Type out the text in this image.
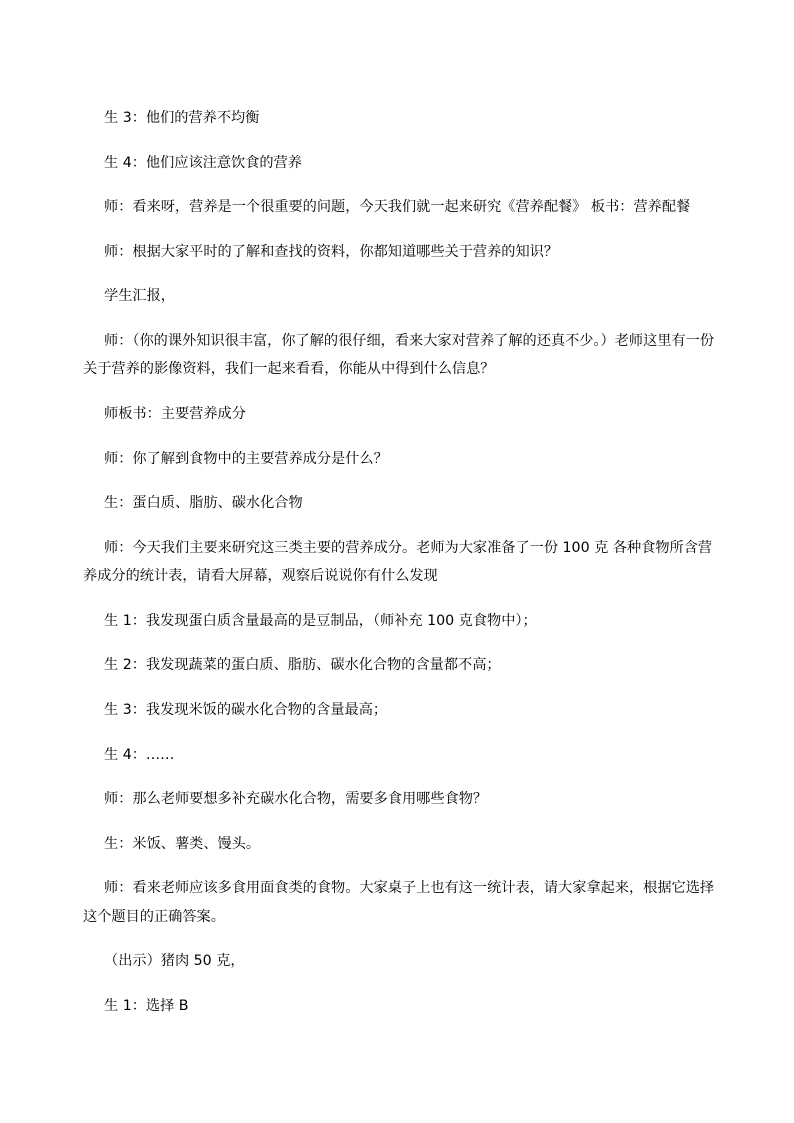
生 3：他们的营养不均衡

生 4：他们应该注意饮食的营养

师：看来呀，营养是一个很重要的问题，今天我们就一起来研究《营养配餐》 板书：营养配餐

师：根据大家平时的了解和查找的资料，你都知道哪些关于营养的知识？

学生汇报，

师：（你的课外知识很丰富，你了解的很仔细，看来大家对营养了解的还真不少。）老师这里有一份关于营养的影像资料，我们一起来看看，你能从中得到什么信息？

师板书：主要营养成分

师：你了解到食物中的主要营养成分是什么？

生：蛋白质、脂肪、碳水化合物

师：今天我们主要来研究这三类主要的营养成分。老师为大家准备了一份 100 克 各种食物所含营养成分的统计表，请看大屏幕，观察后说说你有什么发现

生 1：我发现蛋白质含量最高的是豆制品，（师补充 100 克食物中）；

生 2：我发现蔬菜的蛋白质、脂肪、碳水化合物的含量都不高；

生 3：我发现米饭的碳水化合物的含量最高；

生 4：……

师：那么老师要想多补充碳水化合物，需要多食用哪些食物？

生：米饭、薯类、馒头。

师：看来老师应该多食用面食类的食物。大家桌子上也有这一统计表，请大家拿起来，根据它选择这个题目的正确答案。

（出示）猪肉 50 克，

生 1：选择 B
